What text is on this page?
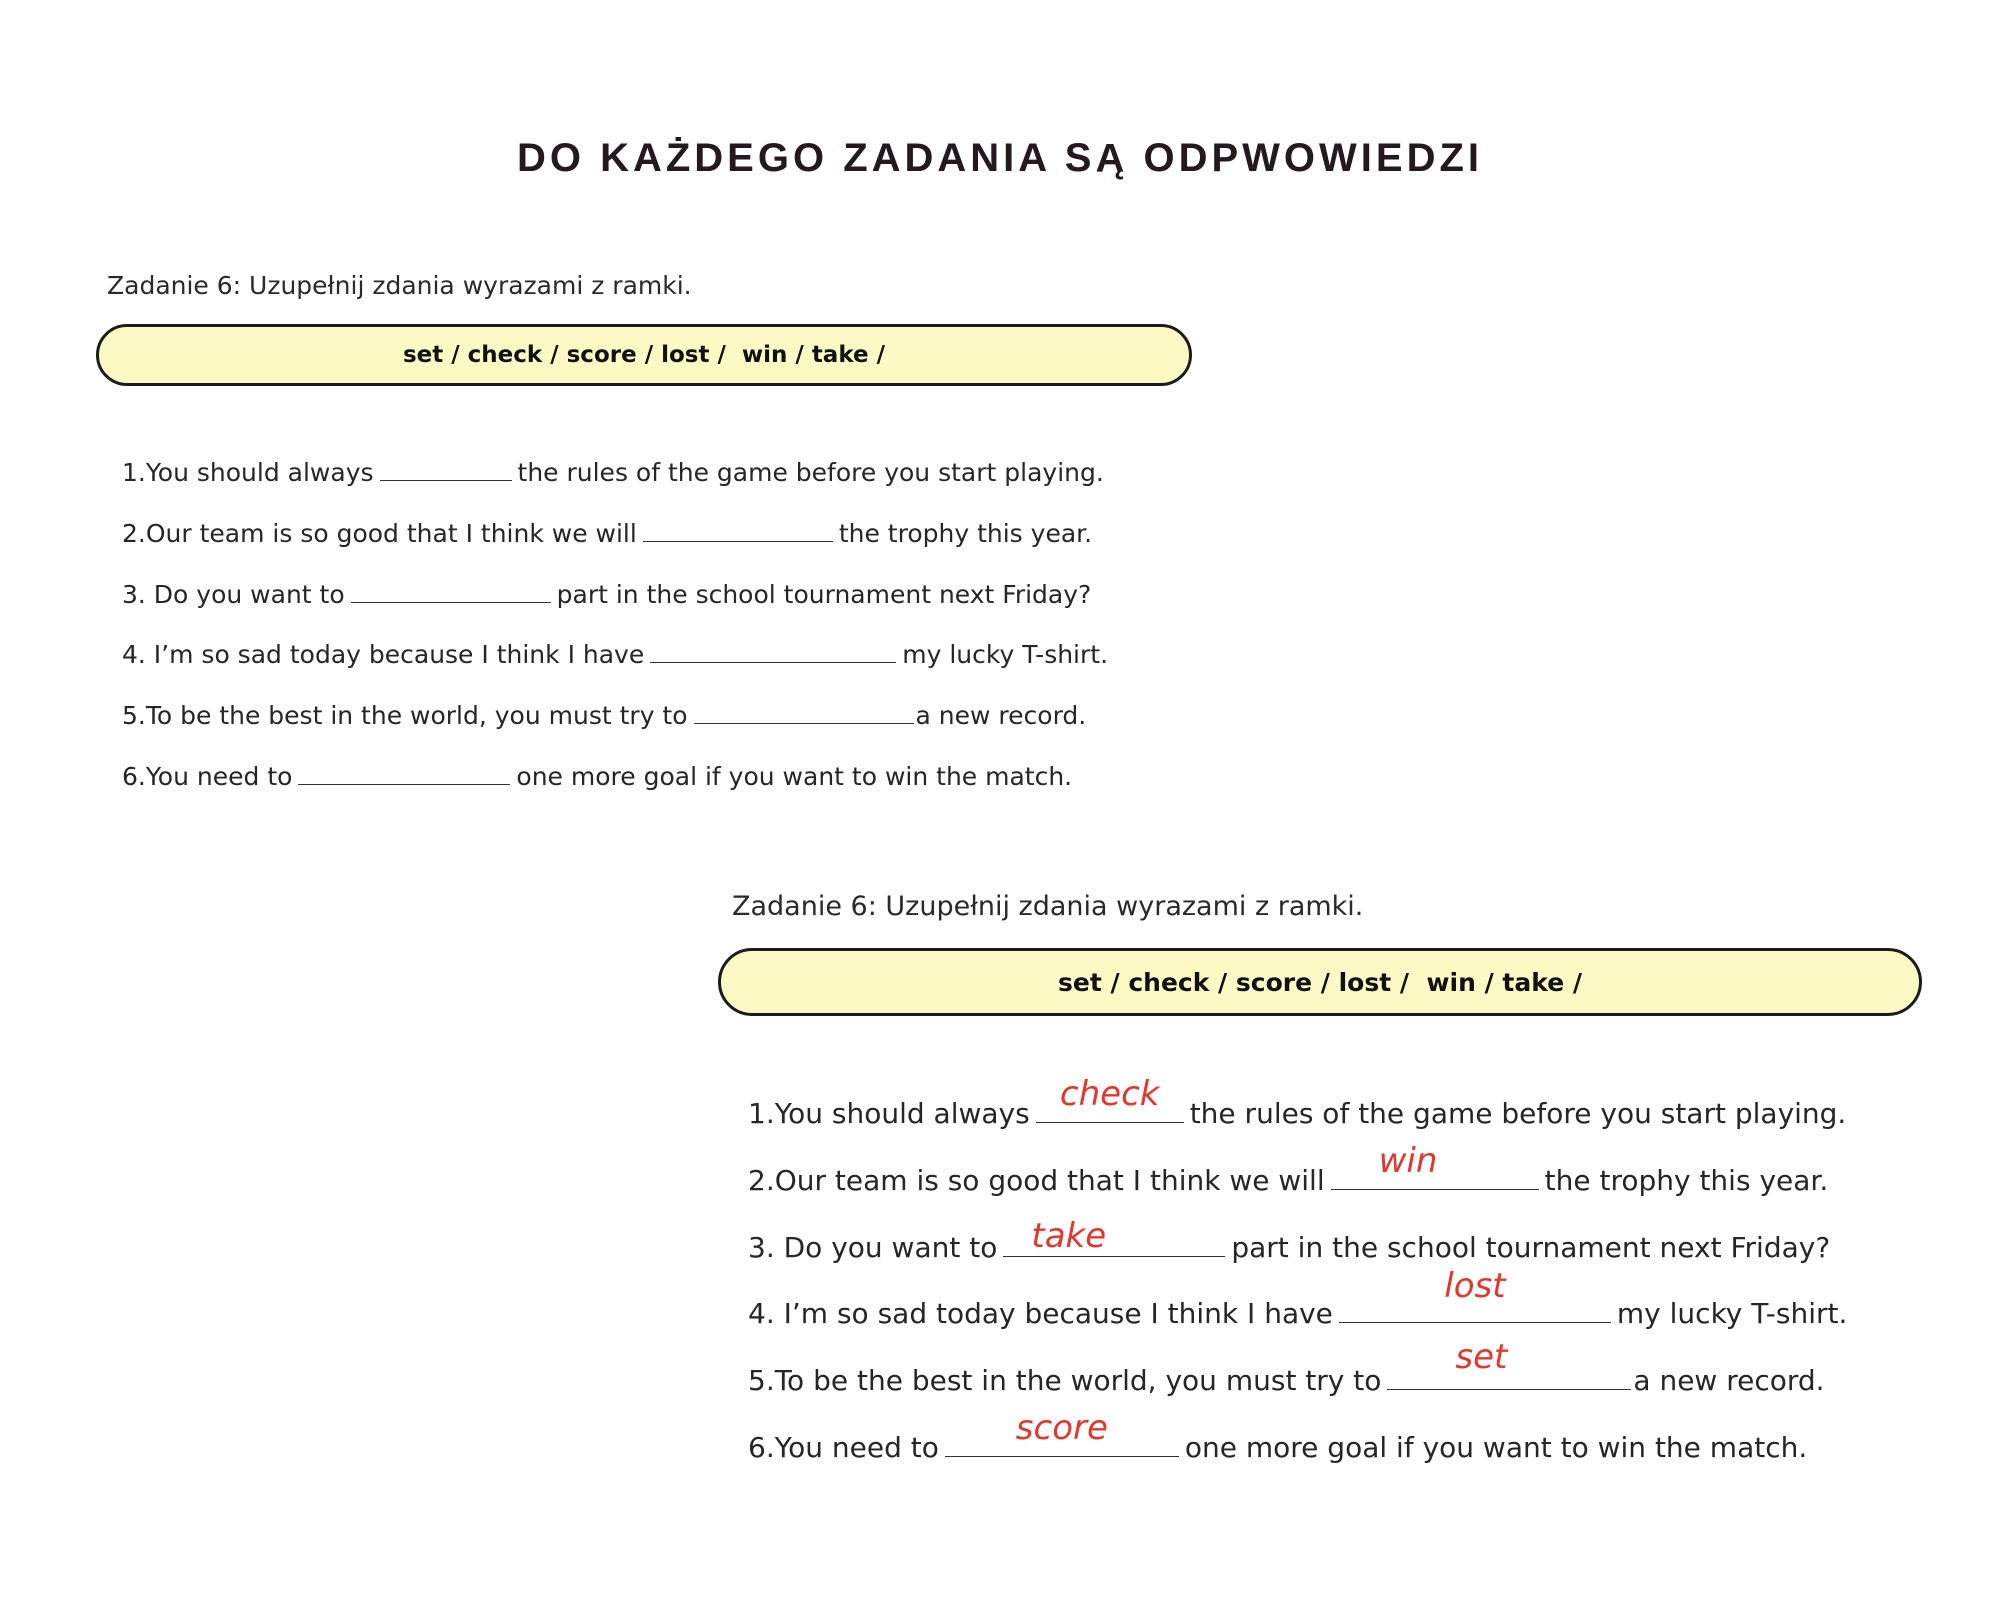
DO KAŻDEGO ZADANIA SĄ ODPWOWIEDZI
Zadanie 6: Uzupełnij zdania wyrazami z ramki.
set / check / score / lost /  win / take /
1.You should always	the rules of the game before you start playing.
2.Our team is so good that I think we will	the trophy this year.
3. Do you want to	part in the school tournament next Friday?
4. I’m so sad today because I think I have	my lucky T-shirt.
5.To be the best in the world, you must try to	a new record.
6.You need to	one more goal if you want to win the match.
Zadanie 6: Uzupełnij zdania wyrazami z ramki.
set / check / score / lost /  win / take /
1.You should always check	the rules of the game before you start playing.
2.Our team is so good that I think we will win	the trophy this year.
3. Do you want to take	part in the school tournament next Friday?
4. I’m so sad today because I think I have
lost
my lucky T-shirt.
5.To be the best in the world, you must try to
set
a new record.
6.You need to	score	one more goal if you want to win the match.
